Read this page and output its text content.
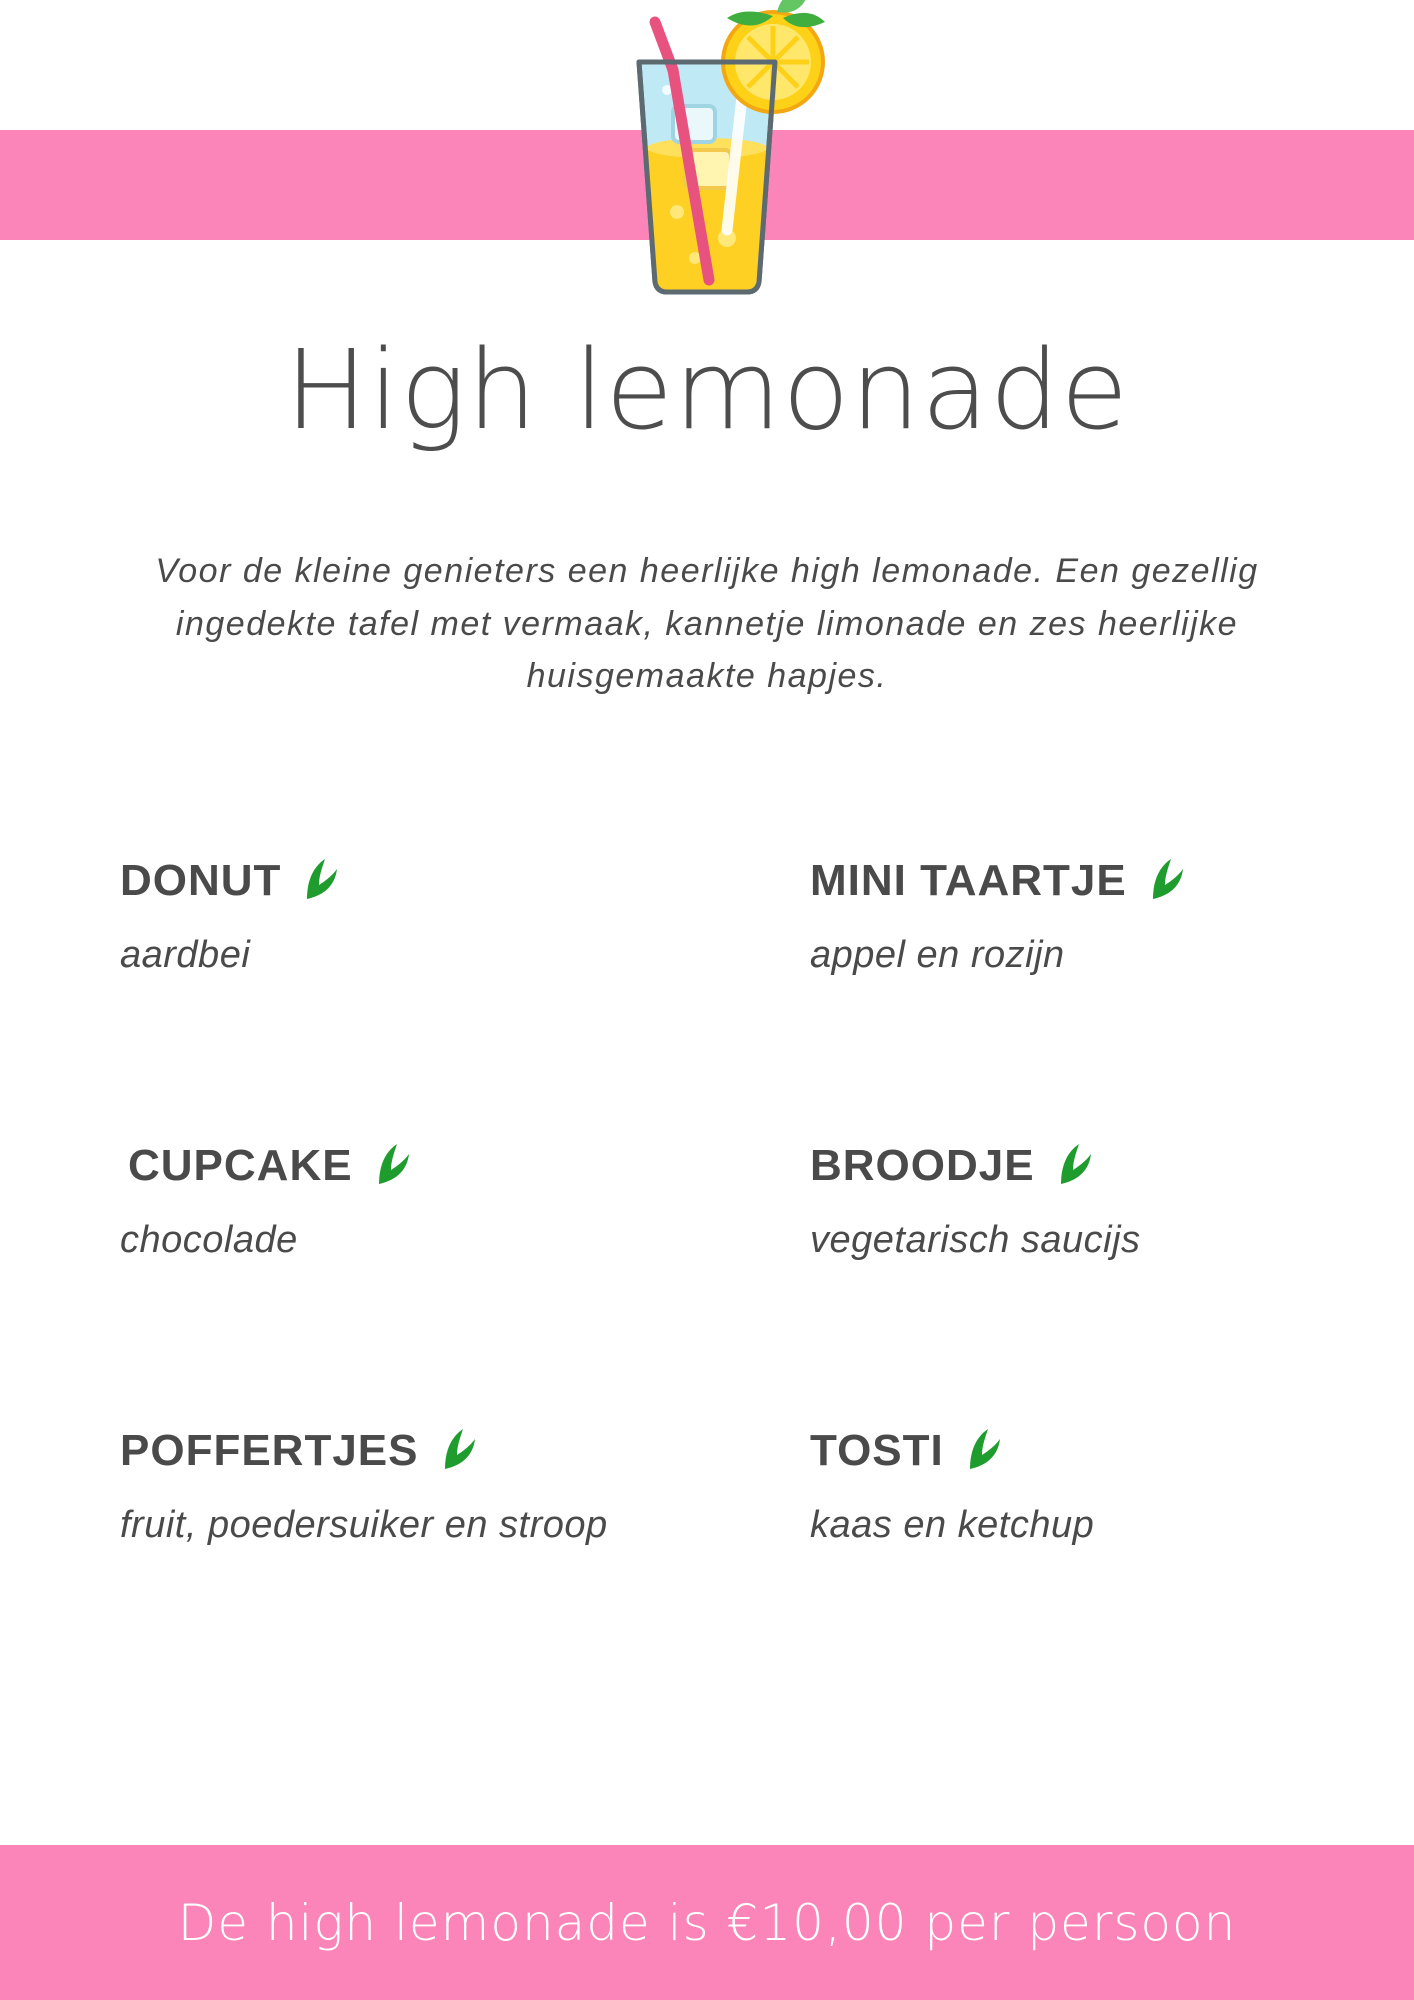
High lemonade
Voor de kleine genieters een heerlijke high lemonade. Een gezellig ingedekte tafel met vermaak, kannetje limonade en zes heerlijke huisgemaakte hapjes.
DONUT
aardbei
MINI TAARTJE
appel en rozijn
CUPCAKE
chocolade
BROODJE
vegetarisch saucijs
POFFERTJES
fruit, poedersuiker en stroop
TOSTI
kaas en ketchup
De high lemonade is €10,00 per persoon
